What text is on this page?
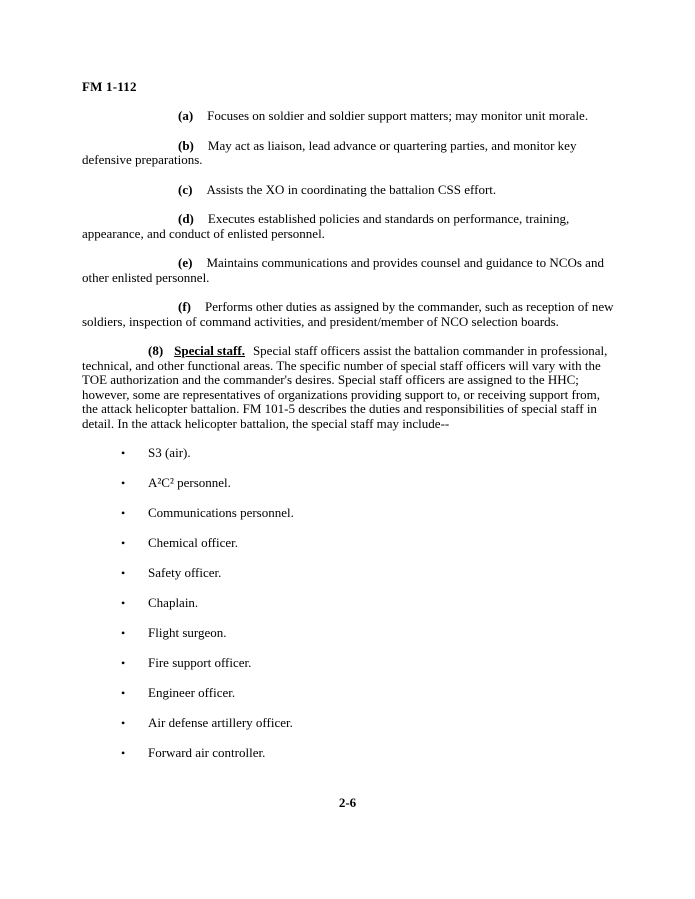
FM 1-112

(a) Focuses on soldier and soldier support matters; may monitor unit morale.

(b) May act as liaison, lead advance or quartering parties, and monitor key defensive preparations.

(c) Assists the XO in coordinating the battalion CSS effort.

(d) Executes established policies and standards on performance, training, appearance, and conduct of enlisted personnel.

(e) Maintains communications and provides counsel and guidance to NCOs and other enlisted personnel.

(f) Performs other duties as assigned by the commander, such as reception of new soldiers, inspection of command activities, and president/member of NCO selection boards.

(8) Special staff. Special staff officers assist the battalion commander in professional, technical, and other functional areas. The specific number of special staff officers will vary with the TOE authorization and the commander's desires. Special staff officers are assigned to the HHC; however, some are representatives of organizations providing support to, or receiving support from, the attack helicopter battalion. FM 101-5 describes the duties and responsibilities of special staff in detail. In the attack helicopter battalion, the special staff may include--

• S3 (air).
• A²C² personnel.
• Communications personnel.
• Chemical officer.
• Safety officer.
• Chaplain.
• Flight surgeon.
• Fire support officer.
• Engineer officer.
• Air defense artillery officer.
• Forward air controller.
2-6
